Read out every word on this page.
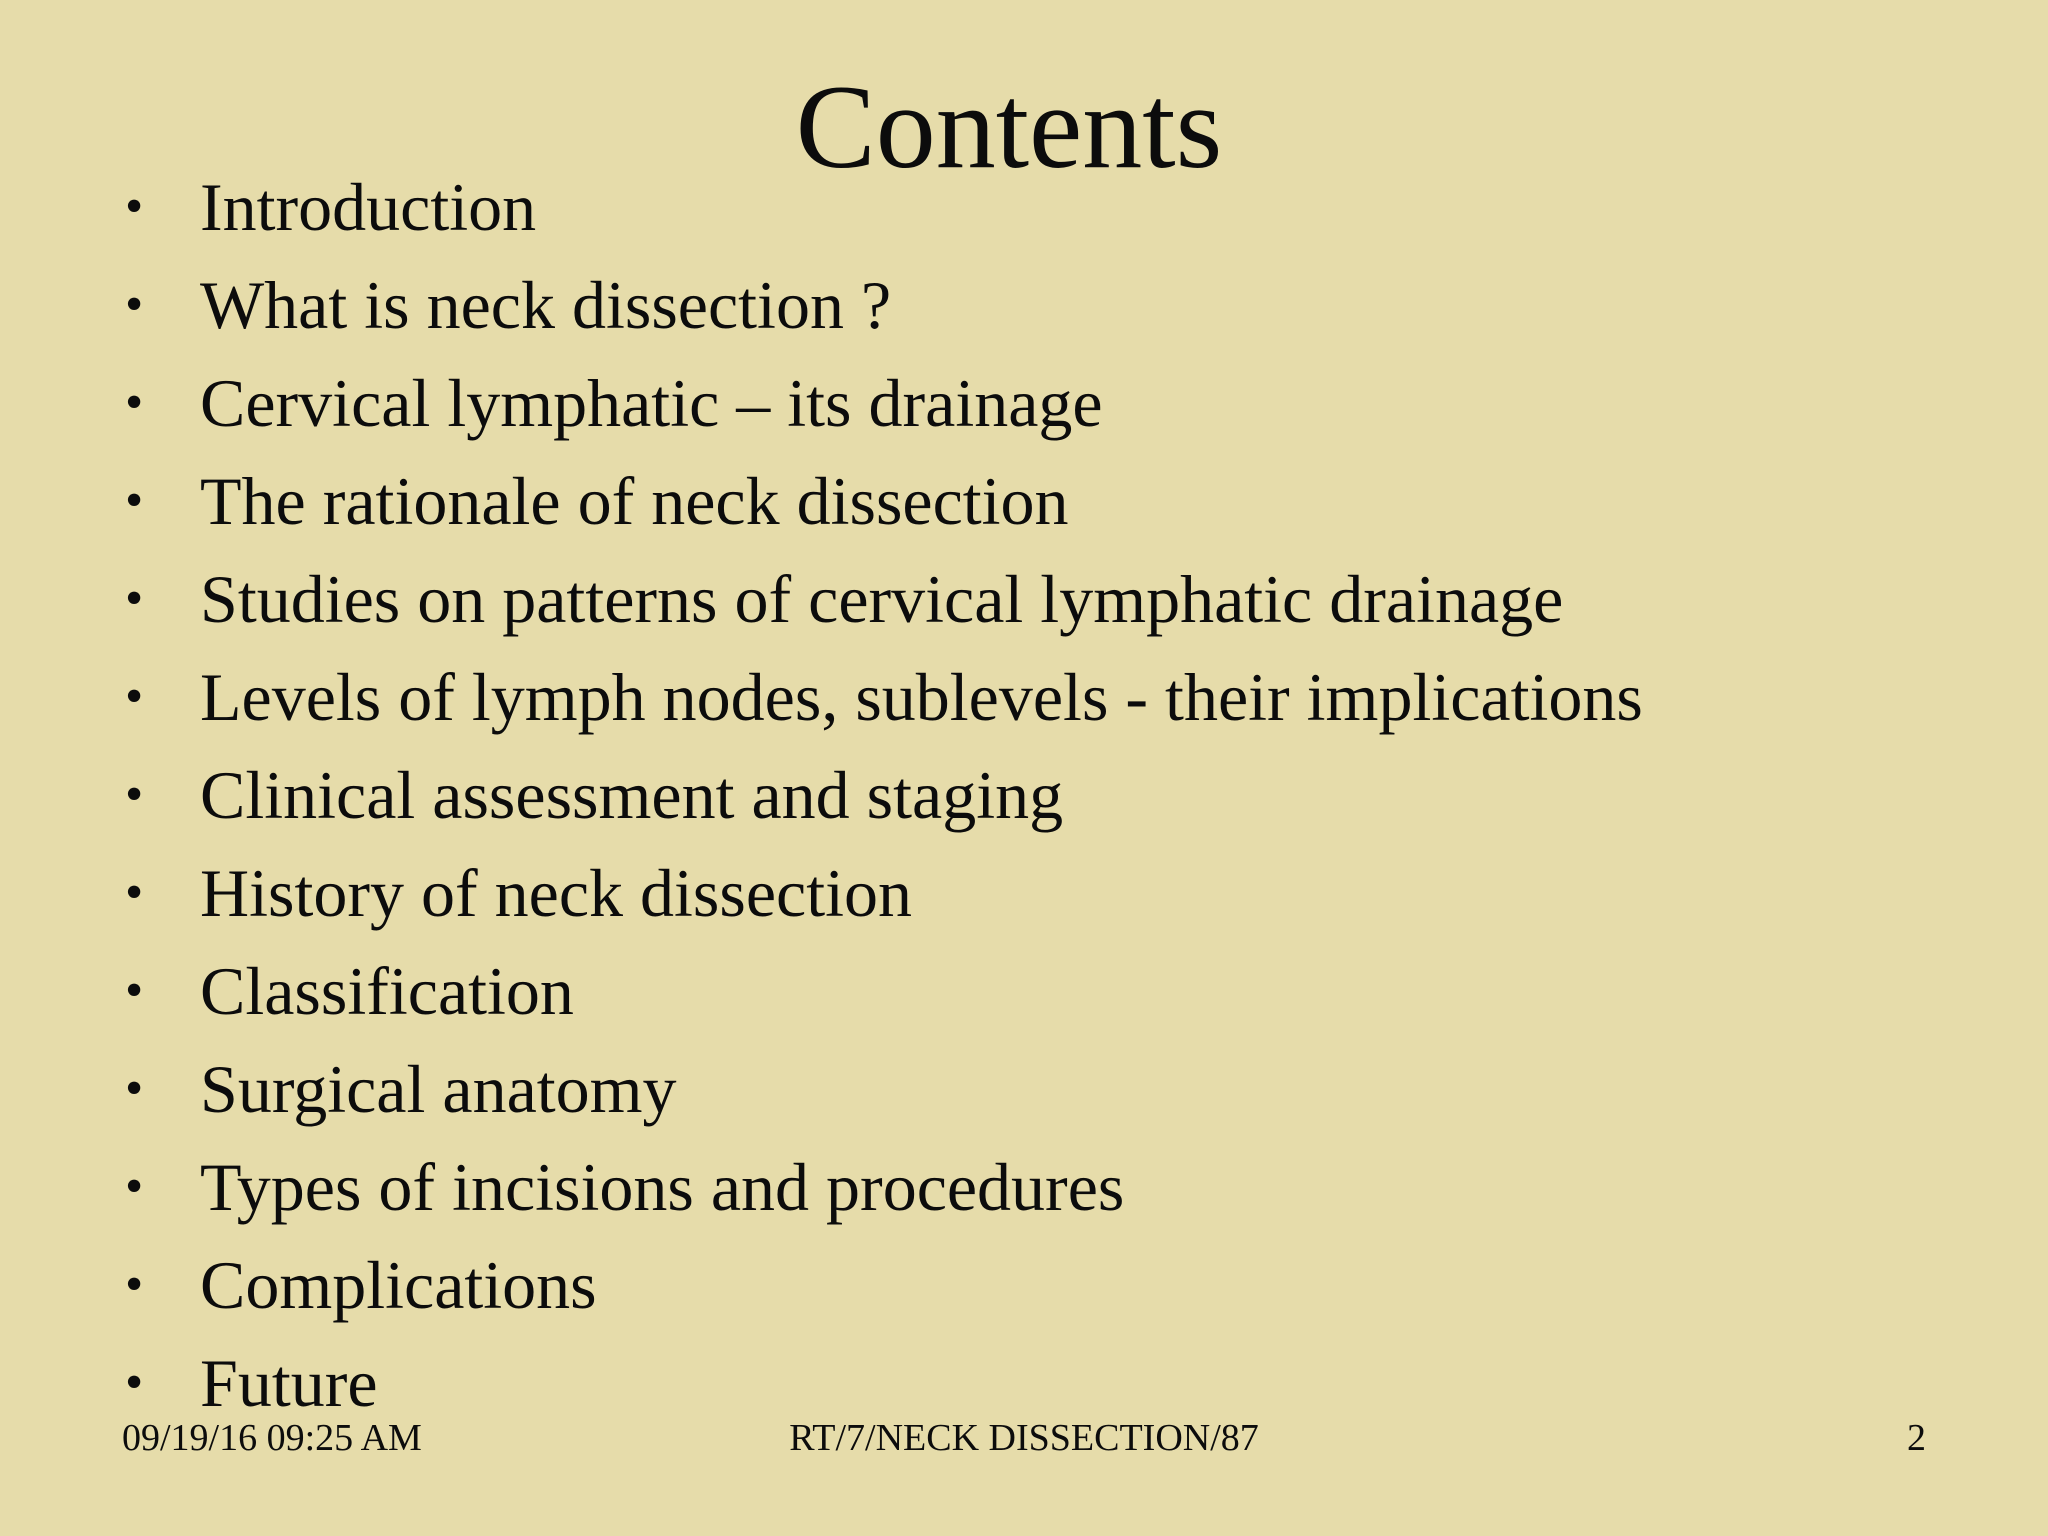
Contents
• Introduction
• What is neck dissection ?
• Cervical lymphatic – its drainage
• The rationale of neck dissection
• Studies on patterns of cervical lymphatic drainage
• Levels of lymph nodes, sublevels - their implications
• Clinical assessment and staging
• History of neck dissection
• Classification
• Surgical anatomy
• Types of incisions and procedures
• Complications
• Future
09/19/16 09:25 AM	RT/7/NECK DISSECTION/87	2
